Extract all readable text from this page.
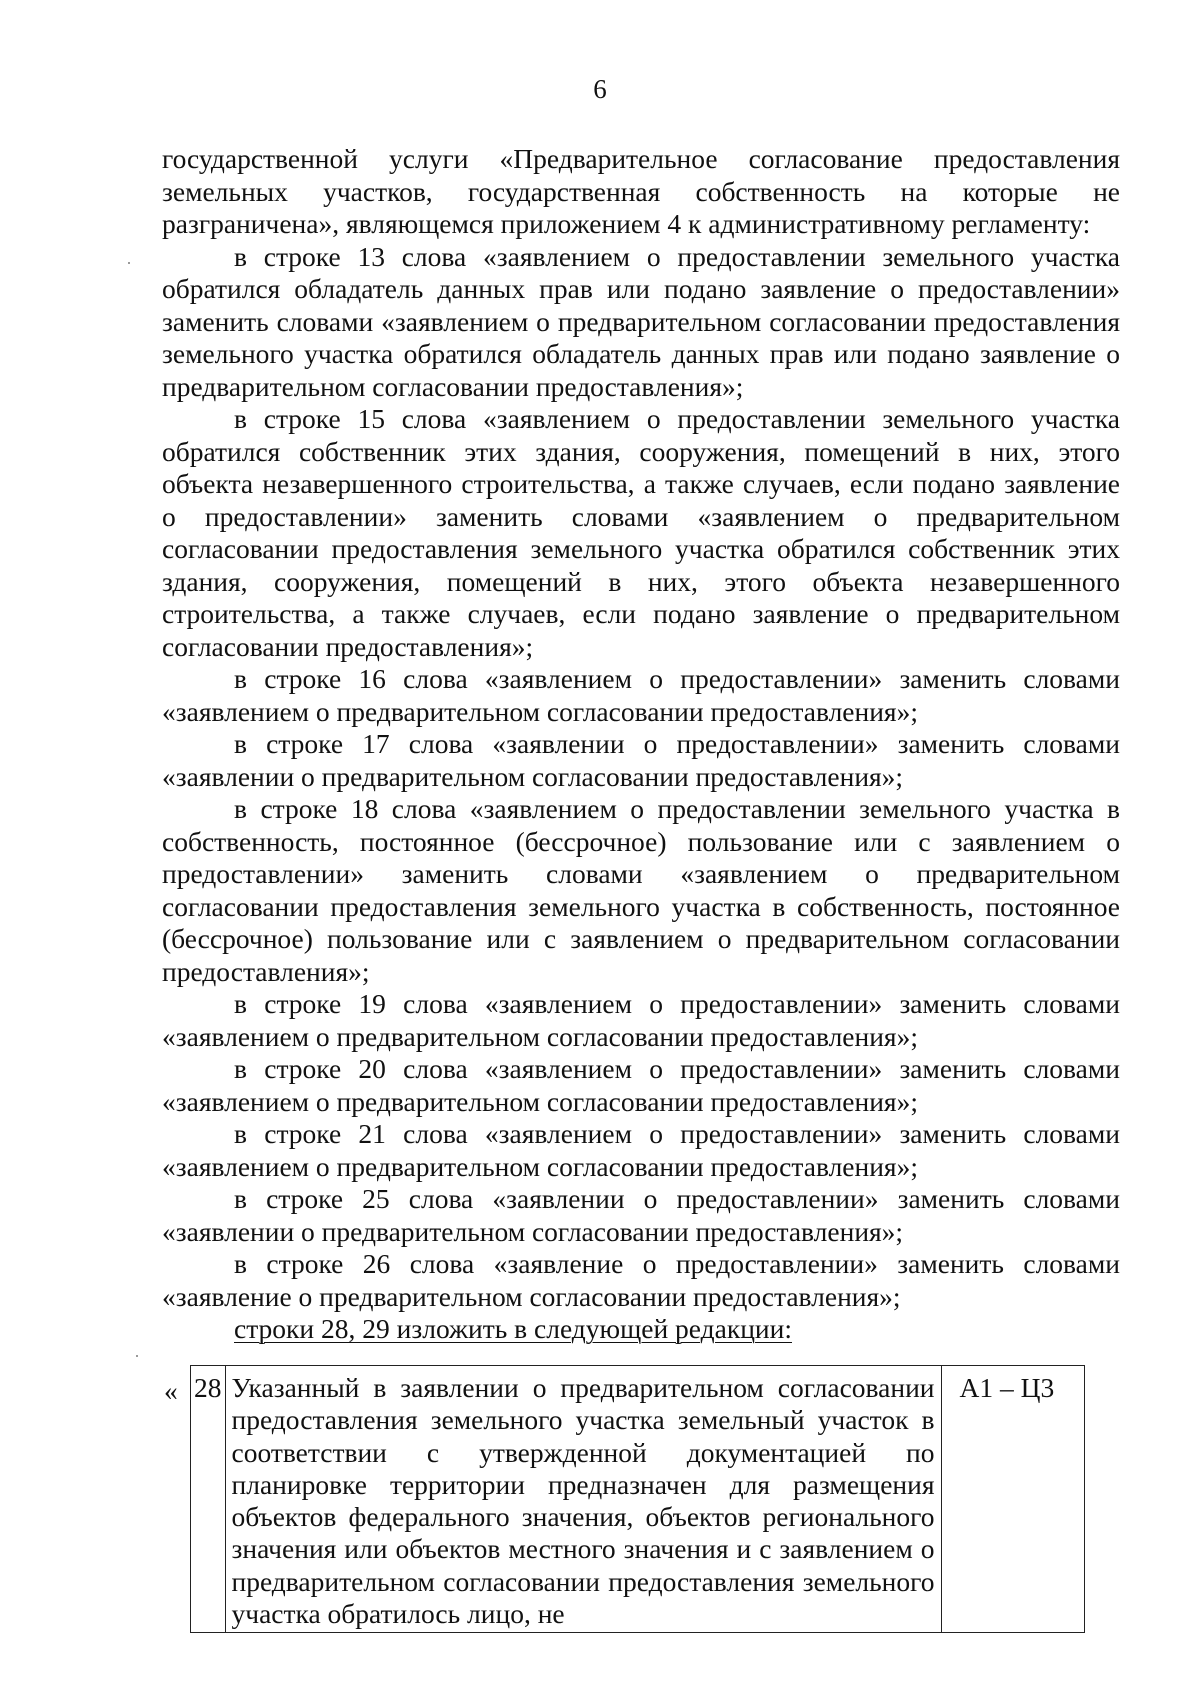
6

государственной услуги «Предварительное согласование предоставления земельных участков, государственная собственность на которые не разграничена», являющемся приложением 4 к административному регламенту:

в строке 13 слова «заявлением о предоставлении земельного участка обратился обладатель данных прав или подано заявление о предоставлении» заменить словами «заявлением о предварительном согласовании предоставления земельного участка обратился обладатель данных прав или подано заявление о предварительном согласовании предоставления»;

в строке 15 слова «заявлением о предоставлении земельного участка обратился собственник этих здания, сооружения, помещений в них, этого объекта незавершенного строительства, а также случаев, если подано заявление о предоставлении» заменить словами «заявлением о предварительном согласовании предоставления земельного участка обратился собственник этих здания, сооружения, помещений в них, этого объекта незавершенного строительства, а также случаев, если подано заявление о предварительном согласовании предоставления»;

в строке 16 слова «заявлением о предоставлении» заменить словами «заявлением о предварительном согласовании предоставления»;

в строке 17 слова «заявлении о предоставлении» заменить словами «заявлении о предварительном согласовании предоставления»;

в строке 18 слова «заявлением о предоставлении земельного участка в собственность, постоянное (бессрочное) пользование или с заявлением о предоставлении» заменить словами «заявлением о предварительном согласовании предоставления земельного участка в собственность, постоянное (бессрочное) пользование или с заявлением о предварительном согласовании предоставления»;

в строке 19 слова «заявлением о предоставлении» заменить словами «заявлением о предварительном согласовании предоставления»;

в строке 20 слова «заявлением о предоставлении» заменить словами «заявлением о предварительном согласовании предоставления»;

в строке 21 слова «заявлением о предоставлении» заменить словами «заявлением о предварительном согласовании предоставления»;

в строке 25 слова «заявлении о предоставлении» заменить словами «заявлении о предварительном согласовании предоставления»;

в строке 26 слова «заявление о предоставлении» заменить словами «заявление о предварительном согласовании предоставления»;

строки 28, 29 изложить в следующей редакции:

« 28	Указанный в заявлении о предварительном согласовании предоставления земельного участка земельный участок в соответствии с утвержденной документацией по планировке территории предназначен для размещения объектов федерального значения, объектов регионального значения или объектов местного значения и с заявлением о предварительном согласовании предоставления земельного участка обратилось лицо, не	А1 – Ц3
